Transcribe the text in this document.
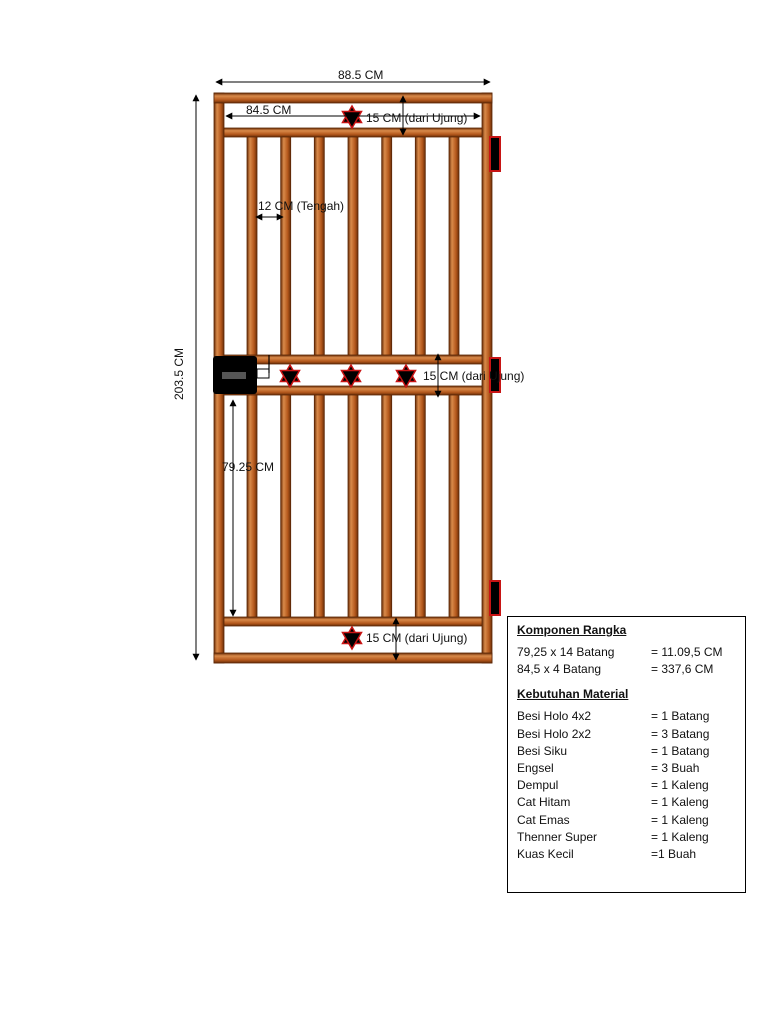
88.5 CM
84.5 CM
15 CM (dari Ujung)
203.5 CM
12 CM (Tengah)
15 CM (dari Ujung)
79.25 CM
15 CM (dari Ujung)
Komponen Rangka
79,25 x 14 Batang	= 11.09,5 CM
84,5 x 4 Batang	= 337,6 CM
Kebutuhan Material
Besi Holo 4x2	= 1 Batang
Besi Holo 2x2	= 3 Batang
Besi Siku	= 1 Batang
Engsel	= 3 Buah
Dempul	= 1 Kaleng
Cat Hitam	= 1 Kaleng
Cat Emas	= 1 Kaleng
Thenner Super	= 1 Kaleng
Kuas Kecil	=1 Buah
